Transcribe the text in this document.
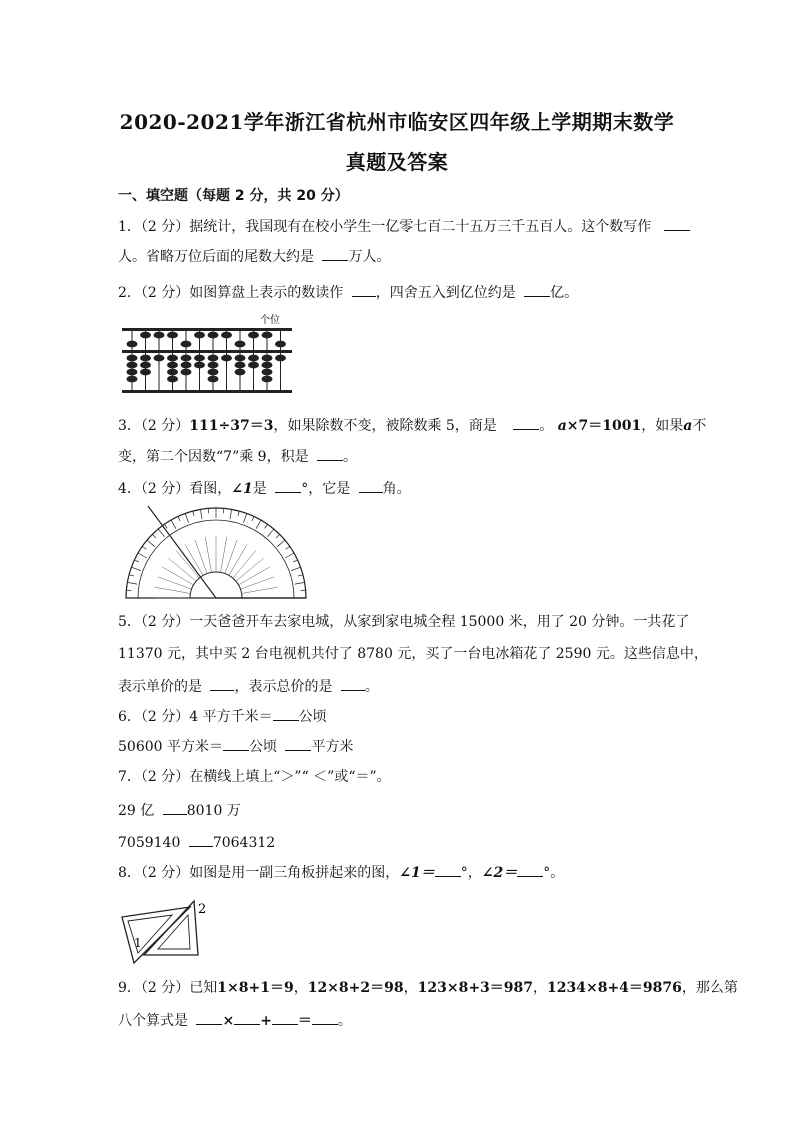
2020-2021学年浙江省杭州市临安区四年级上学期期末数学
真题及答案
一、填空题（每题 2 分，共 20 分）
1．（2 分）据统计，我国现有在校小学生一亿零七百二十五万三千五百人。这个数写作
人。省略万位后面的尾数大约是 万人。
2．（2 分）如图算盘上表示的数读作 ，四舍五入到亿位约是 亿。
个位
3．（2 分）111÷37＝3，如果除数不变，被除数乘 5，商是	。 a×7＝1001，如果a不
变，第二个因数“7”乘 9，积是 。
4．（2 分）看图，∠1是 °，它是 角。
5．（2 分）一天爸爸开车去家电城，从家到家电城全程 15000 米，用了 20 分钟。一共花了
11370 元，其中买 2 台电视机共付了 8780 元，买了一台电冰箱花了 2590 元。这些信息中，
表示单价的是 ，表示总价的是 。
6．（2 分）4 平方千米＝ 公顷
50600 平方米＝ 公顷 平方米
7．（2 分）在横线上填上“＞”“ ＜”或“＝”。
29 亿 8010 万
7059140 7064312
8．（2 分）如图是用一副三角板拼起来的图，∠1＝ °，∠2＝ °。
1
2
9．（2 分）已知1×8+1＝9，12×8+2＝98，123×8+3＝987，1234×8+4＝9876，那么第
八个算式是 × + ＝ 。
